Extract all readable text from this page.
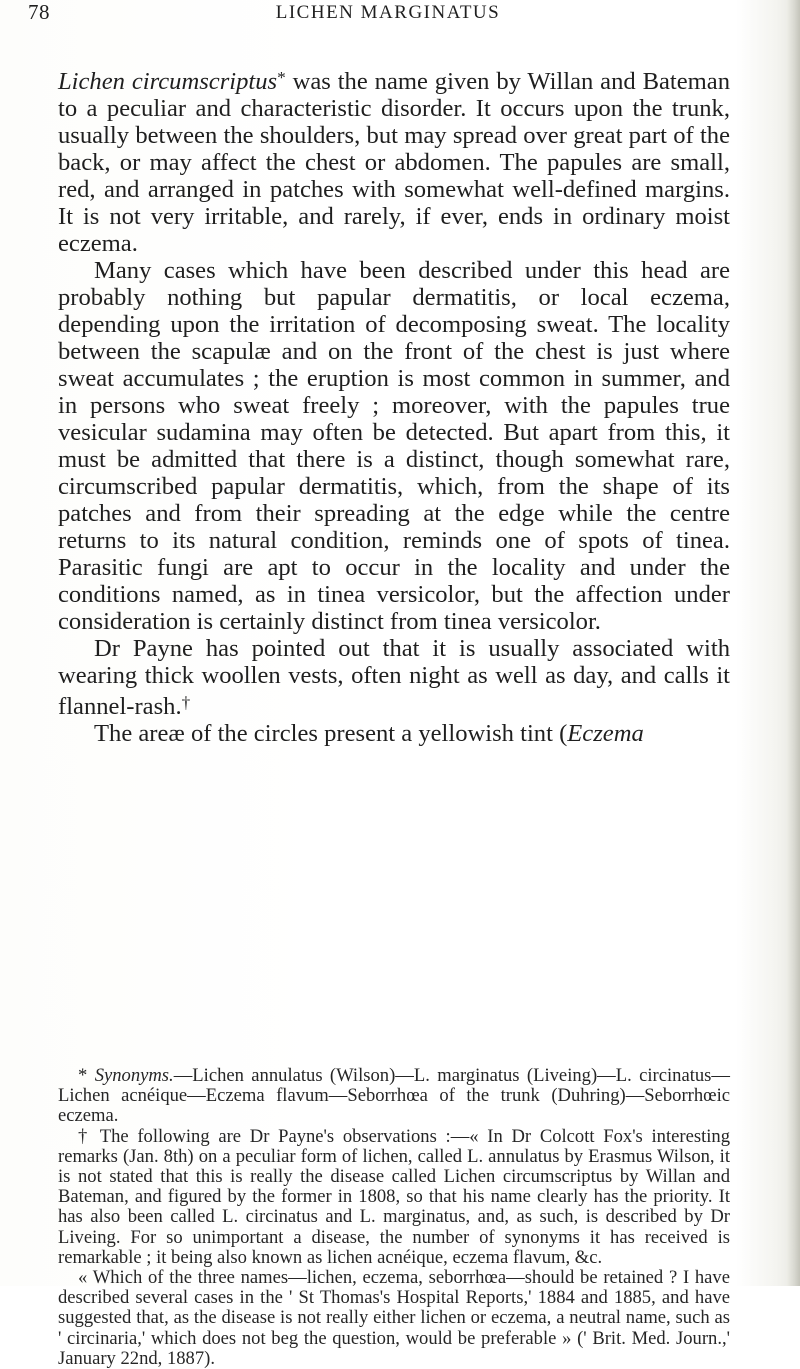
78	LICHEN MARGINATUS

Lichen circumscriptus* was the name given by Willan and Bateman to a peculiar and characteristic disorder. It occurs upon the trunk, usually between the shoulders, but may spread over great part of the back, or may affect the chest or abdomen. The papules are small, red, and arranged in patches with somewhat well-defined margins. It is not very irritable, and rarely, if ever, ends in ordinary moist eczema.

Many cases which have been described under this head are probably nothing but papular dermatitis, or local eczema, depending upon the irritation of decomposing sweat. The locality between the scapulæ and on the front of the chest is just where sweat accumulates ; the eruption is most common in summer, and in persons who sweat freely ; moreover, with the papules true vesicular sudamina may often be detected. But apart from this, it must be admitted that there is a distinct, though somewhat rare, circumscribed papular dermatitis, which, from the shape of its patches and from their spreading at the edge while the centre returns to its natural condition, reminds one of spots of tinea. Parasitic fungi are apt to occur in the locality and under the conditions named, as in tinea versicolor, but the affection under consideration is certainly distinct from tinea versicolor.

Dr Payne has pointed out that it is usually associated with wearing thick woollen vests, often night as well as day, and calls it flannel-rash.†

The areæ of the circles present a yellowish tint (Eczema

* Synonyms.—Lichen annulatus (Wilson)—L. marginatus (Liveing)—L. circinatus—Lichen acnéique—Eczema flavum—Seborrhœa of the trunk (Duhring)—Seborrhœic eczema.

† The following are Dr Payne's observations :—« In Dr Colcott Fox's interesting remarks (Jan. 8th) on a peculiar form of lichen, called L. annulatus by Erasmus Wilson, it is not stated that this is really the disease called Lichen circumscriptus by Willan and Bateman, and figured by the former in 1808, so that his name clearly has the priority. It has also been called L. circinatus and L. marginatus, and, as such, is described by Dr Liveing. For so unimportant a disease, the number of synonyms it has received is remarkable ; it being also known as lichen acnéique, eczema flavum, &c.

« Which of the three names—lichen, eczema, seborrhœa—should be retained ? I have described several cases in the ' St Thomas's Hospital Reports,' 1884 and 1885, and have suggested that, as the disease is not really either lichen or eczema, a neutral name, such as ' circinaria,' which does not beg the question, would be preferable » (' Brit. Med. Journ.,' January 22nd, 1887).
